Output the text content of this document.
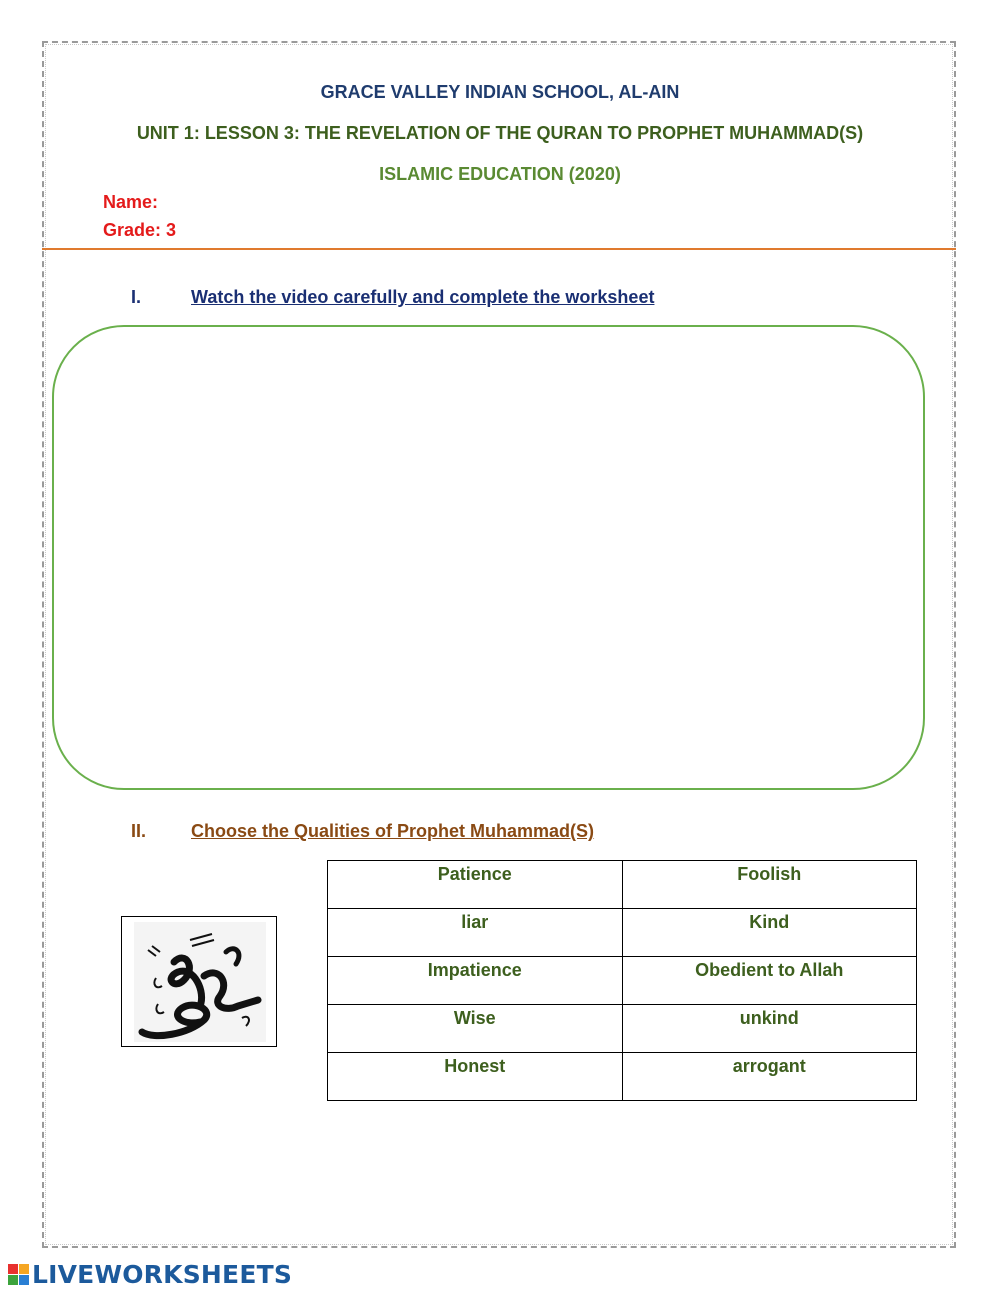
GRACE VALLEY INDIAN SCHOOL, AL-AIN
UNIT 1: LESSON 3: THE REVELATION OF THE QURAN TO PROPHET MUHAMMAD(S)
ISLAMIC EDUCATION (2020)
Name:
Grade: 3
I.	Watch the video carefully and complete the worksheet
II. Choose the Qualities of Prophet Muhammad(S)
Patience	Foolish
liar	Kind
Impatience	Obedient to Allah
Wise	unkind
Honest	arrogant
LIVEWORKSHEETS
